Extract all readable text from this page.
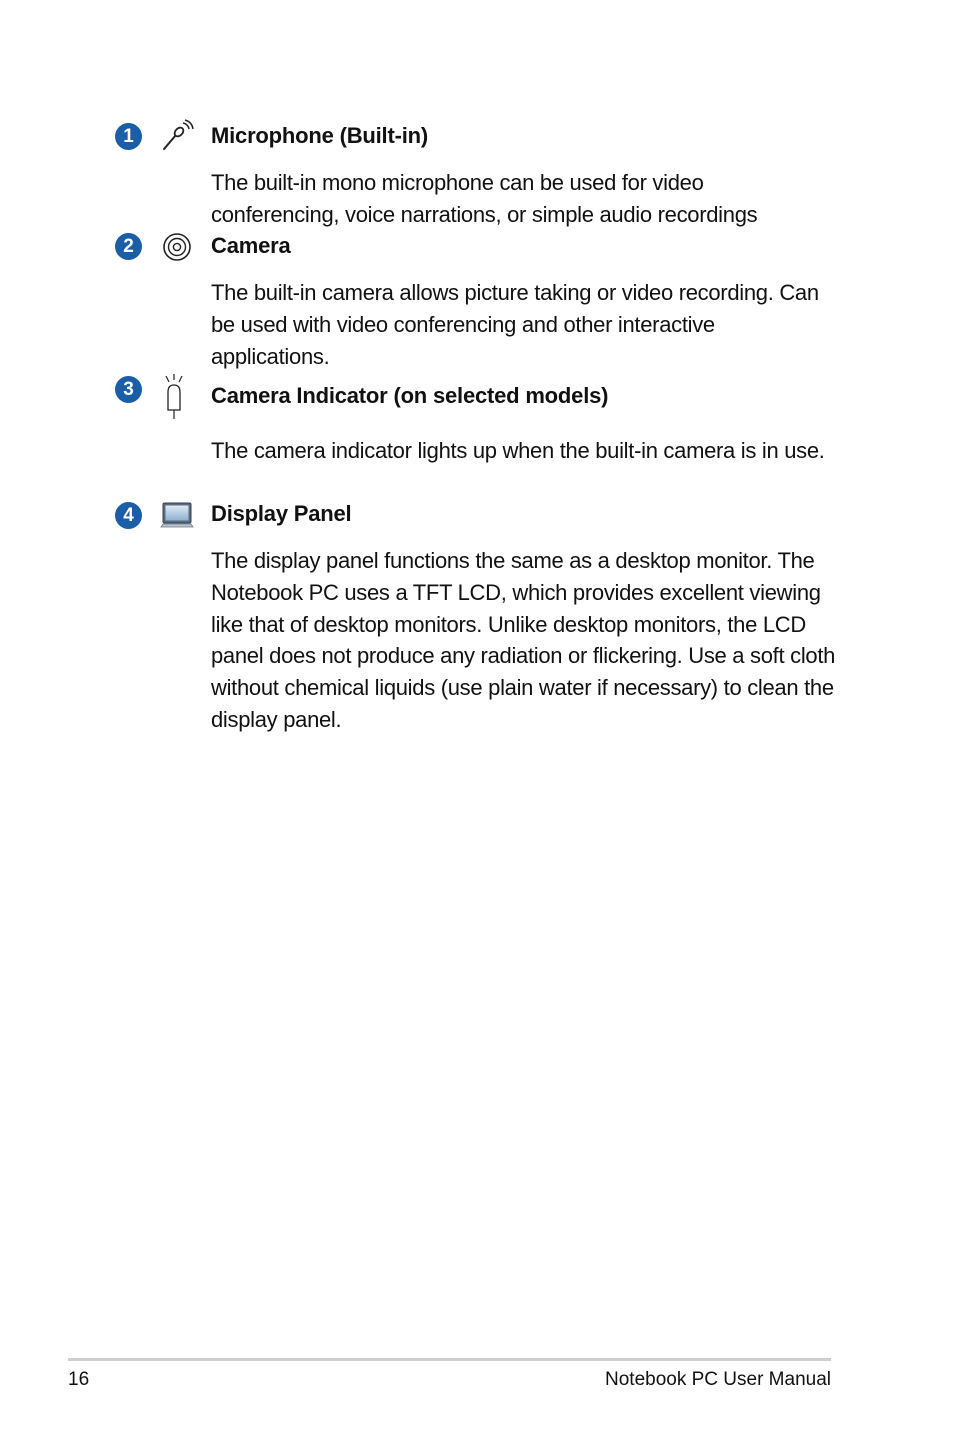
1	Microphone (Built-in)
The built-in mono microphone can be used for video conferencing, voice narrations, or simple audio recordings
2	Camera
The built-in camera allows picture taking or video recording. Can be used with video conferencing and other interactive applications.
3	Camera Indicator (on selected models)
The camera indicator lights up when the built-in camera is in use.
4	Display Panel
The display panel functions the same as a desktop monitor. The Notebook PC uses a TFT LCD, which provides excellent viewing like that of desktop monitors. Unlike desktop monitors, the LCD panel does not produce any radiation or flickering. Use a soft cloth without chemical liquids (use plain water if necessary) to clean the display panel.
16	Notebook PC User Manual
